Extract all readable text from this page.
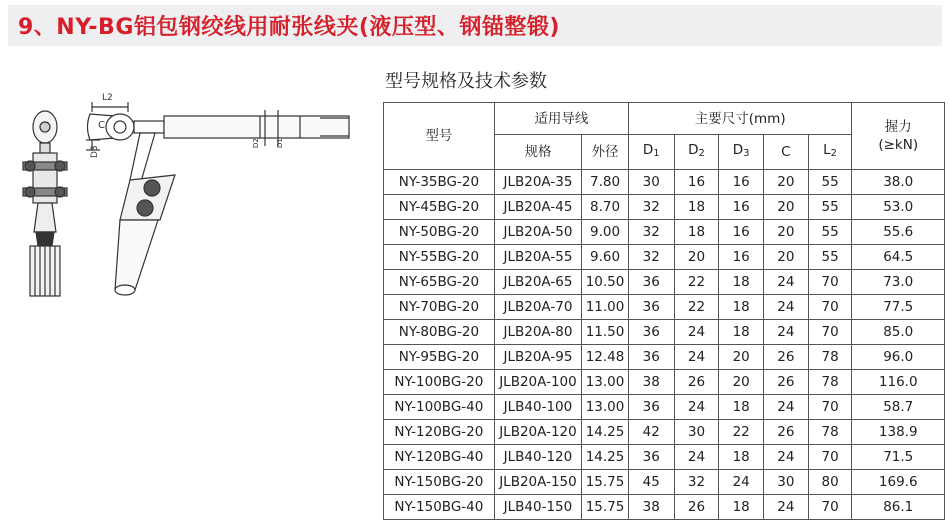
9、NY-BG铝包钢绞线用耐张线夹(液压型、钢锚整锻)
L2
C
D3
D2 D1
型号规格及技术参数
型号	适用导线		主要尺寸(mm)					握力
(≥kN)
	规格	外径	$D_1$	$D_2$	$D_3$	C	$L_2$
NY-35BG-20	JLB20A-35	7.80	30	16	16	20	55	38.0
NY-45BG-20	JLB20A-45	8.70	32	18	16	20	55	53.0
NY-50BG-20	JLB20A-50	9.00	32	18	16	20	55	55.6
NY-55BG-20	JLB20A-55	9.60	32	20	16	20	55	64.5
NY-65BG-20	JLB20A-65	10.50	36	22	18	24	70	73.0
NY-70BG-20	JLB20A-70	11.00	36	22	18	24	70	77.5
NY-80BG-20	JLB20A-80	11.50	36	24	18	24	70	85.0
NY-95BG-20	JLB20A-95	12.48	36	24	20	26	78	96.0
NY-100BG-20	JLB20A-100	13.00	38	26	20	26	78	116.0
NY-100BG-40	JLB40-100	13.00	36	24	18	24	70	58.7
NY-120BG-20	JLB20A-120	14.25	42	30	22	26	78	138.9
NY-120BG-40	JLB40-120	14.25	36	24	18	24	70	71.5
NY-150BG-20	JLB20A-150	15.75	45	32	24	30	80	169.6
NY-150BG-40	JLB40-150	15.75	38	26	18	24	70	86.1
